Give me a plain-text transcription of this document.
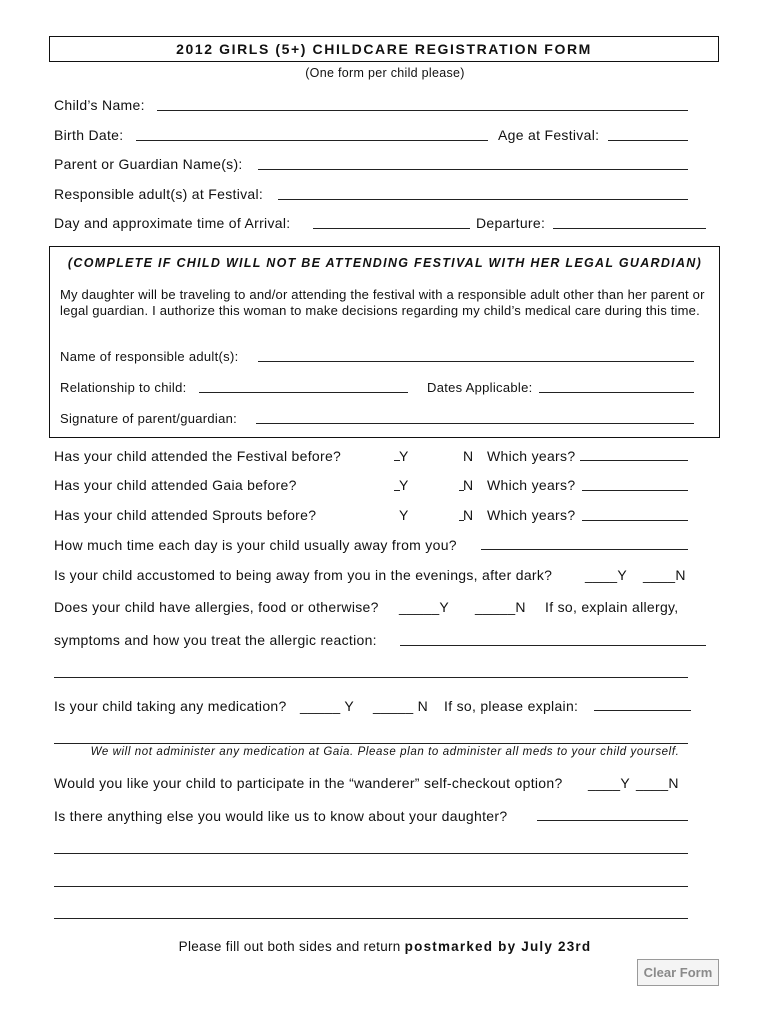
2012 GIRLS (5+) CHILDCARE REGISTRATION FORM
(One form per child please)
Child’s Name:
Birth Date:	Age at Festival:
Parent or Guardian Name(s):
Responsible adult(s) at Festival:
Day and approximate time of Arrival:	Departure:
(COMPLETE IF CHILD WILL NOT BE ATTENDING FESTIVAL WITH HER LEGAL GUARDIAN)
My daughter will be traveling to and/or attending the festival with a responsible adult other than her parent or legal guardian. I authorize this woman to make decisions regarding my child’s medical care during this time.
Name of responsible adult(s):
Relationship to child:	Dates Applicable:
Signature of parent/guardian:
Has your child attended the Festival before?	Y	N Which years?
Has your child attended Gaia before?	Y	N Which years?
Has your child attended Sprouts before?	Y	N Which years?
How much time each day is your child usually away from you?
Is your child accustomed to being away from you in the evenings, after dark? ____Y ____N
Does your child have allergies, food or otherwise? _____Y _____N If so, explain allergy,
symptoms and how you treat the allergic reaction:
Is your child taking any medication? _____ Y _____ N If so, please explain:
We will not administer any medication at Gaia. Please plan to administer all meds to your child yourself.
Would you like your child to participate in the “wanderer” self-checkout option? ____Y ____N
Is there anything else you would like us to know about your daughter?
Please fill out both sides and return postmarked by July 23rd
Clear Form
